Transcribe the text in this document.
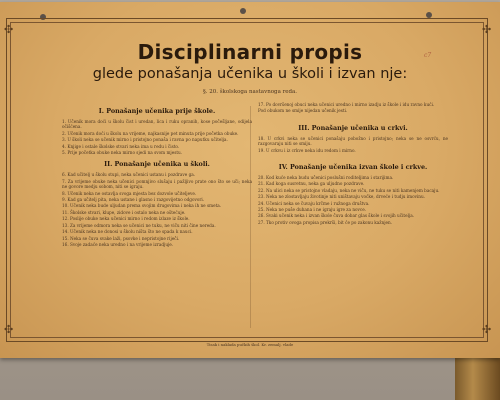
✣	✣
✣	✣
Disciplinarni propis
glede ponašanja učenika u školi i izvan nje:
§. 20. školskoga nastavnoga reda.
c7
I. Ponašanje učenika prije škole.

1. Učenik mora doći u školu čist i uredan, lica i ruku opranih, kose počešljane, odijela očišćena.

2. Učenik mora doći u školu na vrijeme, najkasnije pet minuta prije početka obuke.

3. U školi neka se učenik mirno i pristojno ponaša i ravna po naputku učitelja.

4. Knjige i ostale školske stvari neka ima u redu i čisto.

5. Prije početka obuke neka mirno sjedi na svom mjestu.

II. Ponašanje učenika u školi.

6. Kad učitelj u školu stupi, neka učenici ustanu i pozdrave ga.

7. Za vrijeme obuke neka učenici pomnjivo slušaju i pažljivo prate ono što se uči; neka ne govore medju sobom, niti se igraju.

8. Učenik neka ne ostavlja svoga mjesta bez dozvole učiteljeve.

9. Kad ga učitelj pita, neka ustane i glasno i razgovijetno odgovori.

10. Učenik neka bude uljudan prema svojim drugovima i neka ih ne smeta.

11. Školske stvari, klupe, zidove i ostalo neka ne oštećuje.

12. Poslije obuke neka učenici mirno i redom izlaze iz škole.

13. Za vrijeme odmora neka se učenici ne tuku, ne viču niti čine nereda.

14. Učenik neka ne donosi u školu ništa što ne spada k nauci.

15. Neka se čuva svake laži, psovke i nepristojne riječi.

16. Svoje zadaće neka uredno i na vrijeme izradjuje.

17. Po dovršenoj obuci neka učenici uredno i mirno izadju iz škole i idu ravno kući.

Pod obukom ne smije nijedan učenik jesti.

III. Ponašanje učenika u crkvi.

18. U crkvi neka se učenici ponašaju pobožno i pristojno; neka se ne osvrću, ne razgovaraju niti se smiju.

19. U crkvu i iz crkve neka idu redom i mirno.

IV. Ponašanje učenika izvan škole i crkve.

20. Kod kuće neka budu učenici poslušni roditeljima i starijima.

21. Kad koga susretnu, neka ga uljudno pozdrave.

22. Na ulici neka se pristojno vladaju, neka ne viču, ne tuku se niti kamenjem bacaju.

23. Neka ne zlostavljaju životinje niti uništavaju voćke, drveće i tudju imovinu.

24. Učenici neka se čuvaju krčme i ružnoga društva.

25. Neka ne puše duhana i ne igraju igre za novce.

26. Svaki učenik neka i izvan škole čuva dobar glas škole i svojih učitelja.

27. Tko protiv ovoga propisa prekrši, bit će po zakonu kažnjen.

Tisak i naklada pučkih škol. Kr. zemalj. vlade
